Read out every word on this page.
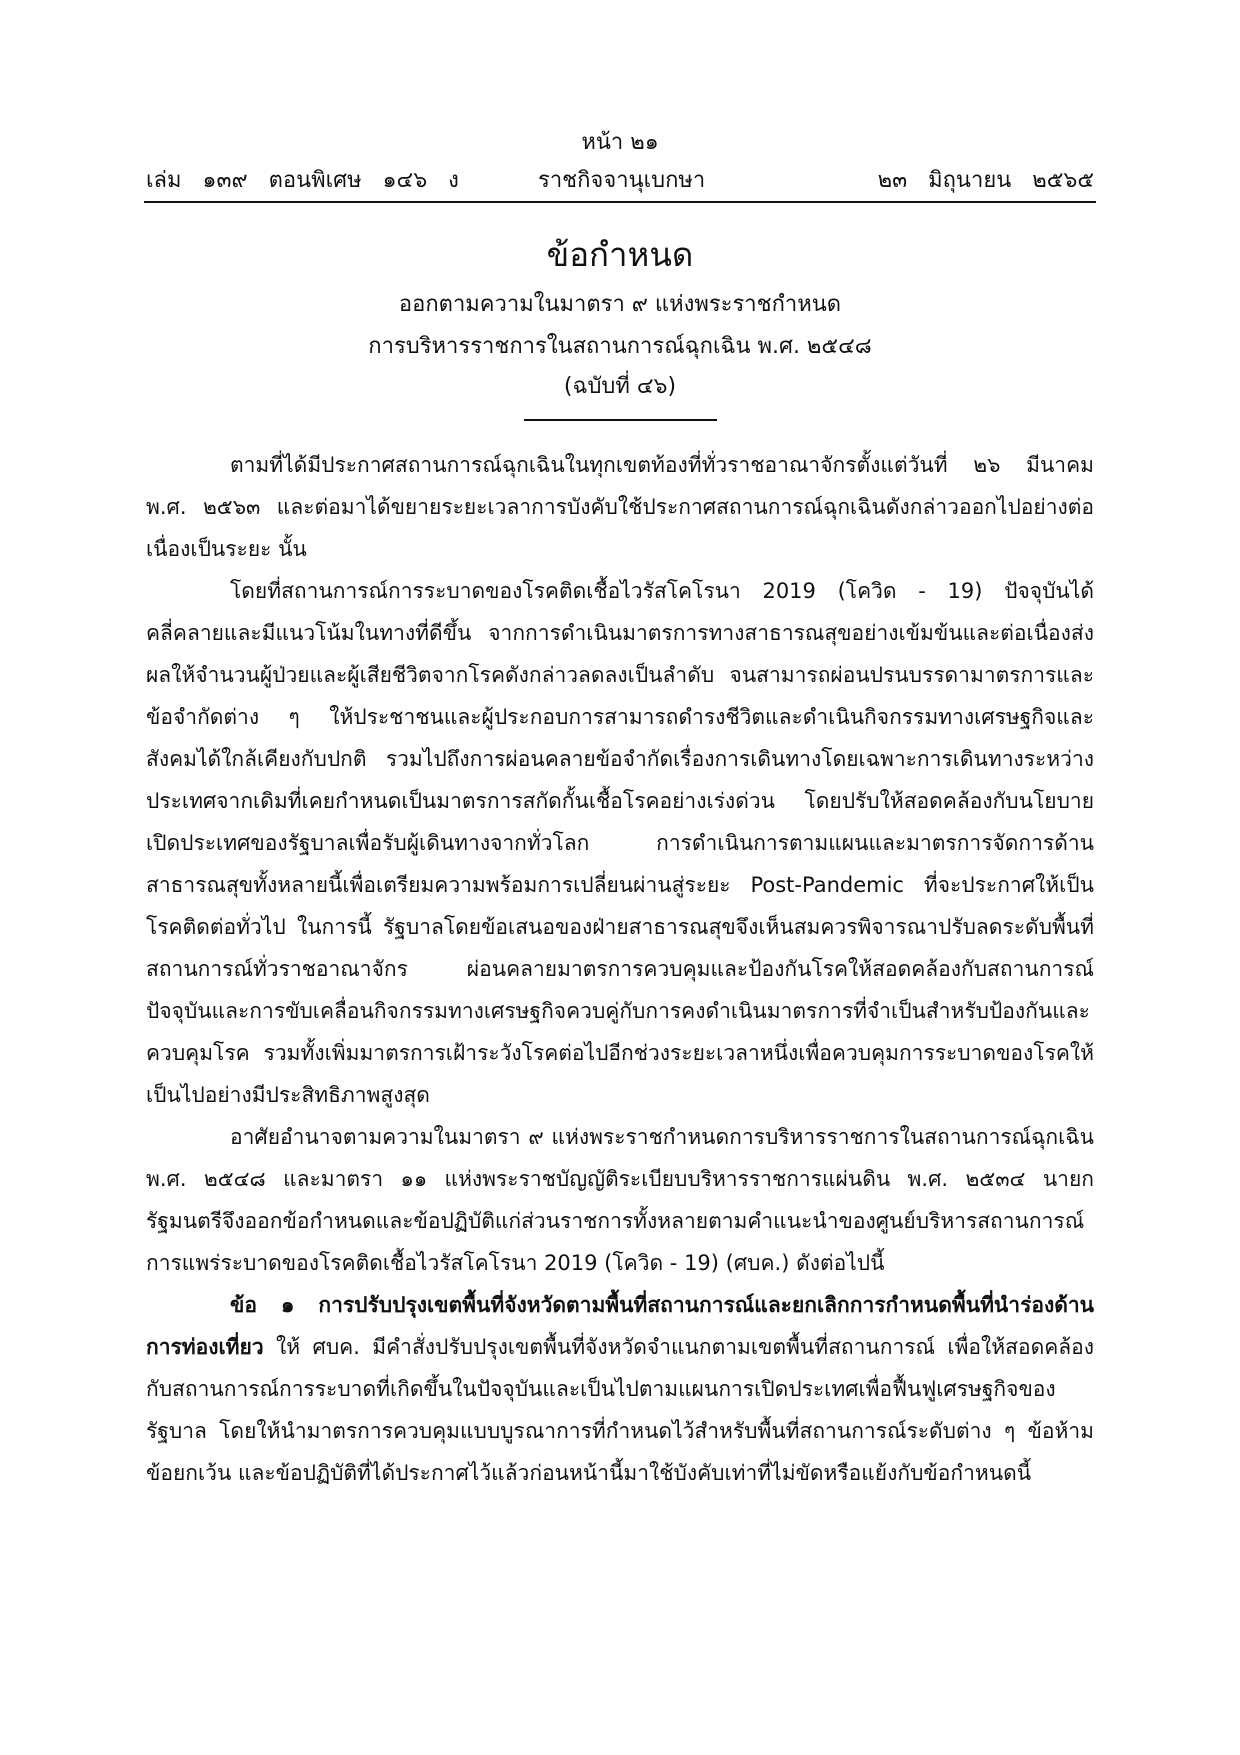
หน้า ๒๑
เล่ม   ๑๓๙   ตอนพิเศษ   ๑๔๖   ง	ราชกิจจานุเบกษา	๒๓   มิถุนายน   ๒๕๖๕
ข้อกำหนด
ออกตามความในมาตรา ๙ แห่งพระราชกำหนด
การบริหารราชการในสถานการณ์ฉุกเฉิน พ.ศ. ๒๕๔๘
(ฉบับที่ ๔๖)

ตามที่ได้มีประกาศสถานการณ์ฉุกเฉินในทุกเขตท้องที่ทั่วราชอาณาจักรตั้งแต่วันที่ ๒๖ มีนาคม พ.ศ. ๒๕๖๓ และต่อมาได้ขยายระยะเวลาการบังคับใช้ประกาศสถานการณ์ฉุกเฉินดังกล่าวออกไปอย่างต่อเนื่องเป็นระยะ นั้น

โดยที่สถานการณ์การระบาดของโรคติดเชื้อไวรัสโคโรนา 2019 (โควิด - 19) ปัจจุบันได้คลี่คลายและมีแนวโน้มในทางที่ดีขึ้น จากการดำเนินมาตรการทางสาธารณสุขอย่างเข้มข้นและต่อเนื่องส่งผลให้จำนวนผู้ป่วยและผู้เสียชีวิตจากโรคดังกล่าวลดลงเป็นลำดับ จนสามารถผ่อนปรนบรรดามาตรการและข้อจำกัดต่าง ๆ ให้ประชาชนและผู้ประกอบการสามารถดำรงชีวิตและดำเนินกิจกรรมทางเศรษฐกิจและสังคมได้ใกล้เคียงกับปกติ รวมไปถึงการผ่อนคลายข้อจำกัดเรื่องการเดินทางโดยเฉพาะการเดินทางระหว่างประเทศจากเดิมที่เคยกำหนดเป็นมาตรการสกัดกั้นเชื้อโรคอย่างเร่งด่วน โดยปรับให้สอดคล้องกับนโยบายเปิดประเทศของรัฐบาลเพื่อรับผู้เดินทางจากทั่วโลก การดำเนินการตามแผนและมาตรการจัดการด้านสาธารณสุขทั้งหลายนี้เพื่อเตรียมความพร้อมการเปลี่ยนผ่านสู่ระยะ Post-Pandemic ที่จะประกาศให้เป็นโรคติดต่อทั่วไป ในการนี้ รัฐบาลโดยข้อเสนอของฝ่ายสาธารณสุขจึงเห็นสมควรพิจารณาปรับลดระดับพื้นที่สถานการณ์ทั่วราชอาณาจักร ผ่อนคลายมาตรการควบคุมและป้องกันโรคให้สอดคล้องกับสถานการณ์ปัจจุบันและการขับเคลื่อนกิจกรรมทางเศรษฐกิจควบคู่กับการคงดำเนินมาตรการที่จำเป็นสำหรับป้องกันและควบคุมโรค รวมทั้งเพิ่มมาตรการเฝ้าระวังโรคต่อไปอีกช่วงระยะเวลาหนึ่งเพื่อควบคุมการระบาดของโรคให้เป็นไปอย่างมีประสิทธิภาพสูงสุด

อาศัยอำนาจตามความในมาตรา ๙ แห่งพระราชกำหนดการบริหารราชการในสถานการณ์ฉุกเฉิน พ.ศ. ๒๕๔๘ และมาตรา ๑๑ แห่งพระราชบัญญัติระเบียบบริหารราชการแผ่นดิน พ.ศ. ๒๕๓๔ นายกรัฐมนตรีจึงออกข้อกำหนดและข้อปฏิบัติแก่ส่วนราชการทั้งหลายตามคำแนะนำของศูนย์บริหารสถานการณ์การแพร่ระบาดของโรคติดเชื้อไวรัสโคโรนา 2019 (โควิด - 19) (ศบค.) ดังต่อไปนี้

ข้อ ๑ การปรับปรุงเขตพื้นที่จังหวัดตามพื้นที่สถานการณ์และยกเลิกการกำหนดพื้นที่นำร่องด้านการท่องเที่ยว ให้ ศบค. มีคำสั่งปรับปรุงเขตพื้นที่จังหวัดจำแนกตามเขตพื้นที่สถานการณ์ เพื่อให้สอดคล้องกับสถานการณ์การระบาดที่เกิดขึ้นในปัจจุบันและเป็นไปตามแผนการเปิดประเทศเพื่อฟื้นฟูเศรษฐกิจของรัฐบาล โดยให้นำมาตรการควบคุมแบบบูรณาการที่กำหนดไว้สำหรับพื้นที่สถานการณ์ระดับต่าง ๆ ข้อห้าม ข้อยกเว้น และข้อปฏิบัติที่ได้ประกาศไว้แล้วก่อนหน้านี้มาใช้บังคับเท่าที่ไม่ขัดหรือแย้งกับข้อกำหนดนี้
